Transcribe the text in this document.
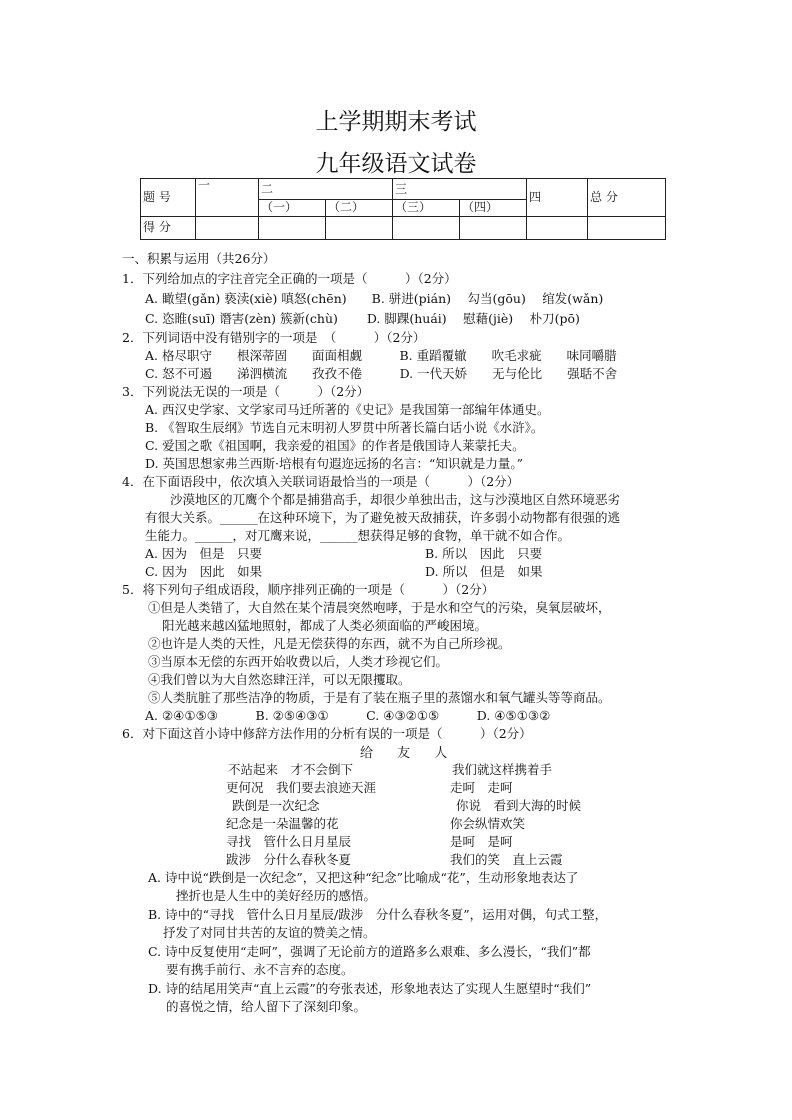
上学期期末考试
九年级语文试卷
题 号	一	二		三		四	总 分
		（一）	（二）	（三）	（四）		
得 分							
一、积累与运用（共26分）
1．下列给加点的字注音完全正确的一项是（　　　）（2分）
A. 瞰望(gǎn) 亵渎(xiè) 嗔怒(chēn)　　B. 骈进(pián)　 勾当(gōu)　 绾发(wǎn)
C. 恣睢(suī) 谮害(zèn) 簇新(chù)　　 D. 脚踝(huái)　 慰藉(jiè)　 朴刀(pō)
2．下列词语中没有错别字的一项是　（　　　）（2分）
A. 格尽职守　　根深蒂固　　面面相觑　　　B. 重蹈覆辙　　吹毛求疵　　味同嚼腊
C. 怒不可遏　　涕泗横流　　孜孜不倦　　　D. 一代天娇　　无与伦比　　强聒不舍
3．下列说法无误的一项是（　　　）（2分）
A. 西汉史学家、文学家司马迁所著的《史记》是我国第一部编年体通史。
B. 《智取生辰纲》节选自元末明初人罗贯中所著长篇白话小说《水浒》。
C. 爱国之歌《祖国啊，我亲爱的祖国》的作者是俄国诗人莱蒙托夫。
D. 英国思想家弗兰西斯·培根有句遐迩远扬的名言：“知识就是力量。”
4．在下面语段中，依次填入关联词语最恰当的一项是（　　　）（2分）
沙漠地区的兀鹰个个都是捕猎高手，却很少单独出击，这与沙漠地区自然环境恶劣
有很大关系。______在这种环境下，为了避免被天敌捕获，许多弱小动物都有很强的逃
生能力。______，对兀鹰来说，______想获得足够的食物，单干就不如合作。
A. 因为　但是　只要	B. 所以　因此　只要
C. 因为　因此　如果	D. 所以　但是　如果
5．将下列句子组成语段，顺序排列正确的一项是（　　　）（2分）
①但是人类错了，大自然在某个清晨突然咆哮，于是水和空气的污染，臭氧层破坏，
阳光越来越凶猛地照射，都成了人类必须面临的严峻困境。
②也许是人类的天性，凡是无偿获得的东西，就不为自己所珍视。
③当原本无偿的东西开始收费以后，人类才珍视它们。
④我们曾以为大自然恣肆汪洋，可以无限攫取。
⑤人类肮脏了那些洁净的物质，于是有了装在瓶子里的蒸馏水和氧气罐头等等商品。
A. ②④①⑤③　　　B. ②⑤④③①　　　C. ④③②①⑤　　　D. ④⑤①③②
6．对下面这首小诗中修辞方法作用的分析有误的一项是（　　　）（2分）
给 友 人
不站起来　才不会倒下
更何况　我们要去浪迹天涯
跌倒是一次纪念
纪念是一朵温馨的花
寻找　管什么日月星辰
跋涉　分什么春秋冬夏
我们就这样携着手
走呵　走呵
你说　看到大海的时候
你会纵情欢笑
是呵　是呵
我们的笑　直上云霞
A. 诗中说“跌倒是一次纪念”，又把这种“纪念”比喻成“花”，生动形象地表达了
挫折也是人生中的美好经历的感悟。
B. 诗中的“寻找　管什么日月星辰/跋涉　分什么春秋冬夏”，运用对偶，句式工整，
抒发了对同甘共苦的友谊的赞美之情。
C. 诗中反复使用“走呵”，强调了无论前方的道路多么艰难、多么漫长，“我们”都
要有携手前行、永不言弃的态度。
D. 诗的结尾用笑声“直上云霞”的夸张表述，形象地表达了实现人生愿望时“我们”
的喜悦之情，给人留下了深刻印象。
